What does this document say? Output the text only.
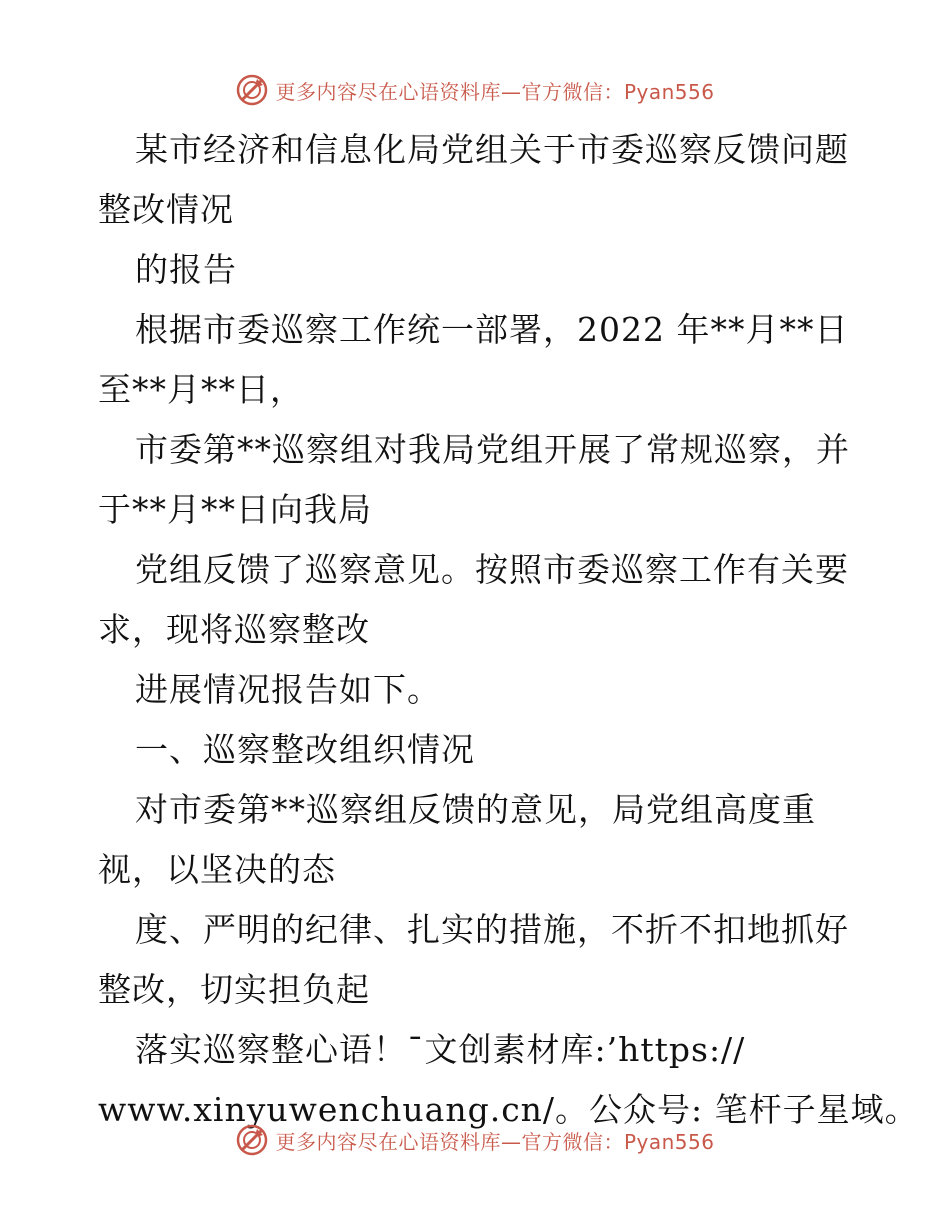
更多内容尽在心语资料库—官方微信：Pyan556
某市经济和信息化局党组关于市委巡察反馈问题
整改情况
的报告
根据市委巡察工作统一部署，2022 年**月**日
至**月**日，
市委第**巡察组对我局党组开展了常规巡察，并
于**月**日向我局
党组反馈了巡察意见。按照市委巡察工作有关要
求，现将巡察整改
进展情况报告如下。
一、巡察整改组织情况
对市委第**巡察组反馈的意见，局党组高度重
视，以坚决的态
度、严明的纪律、扎实的措施，不折不扣地抓好
整改，切实担负起
落实巡察整心语！¯文创素材库:’https://
www.xinyuwenchuang.cn/。公众号: 笔杆子星域。
更多内容尽在心语资料库—官方微信：Pyan556
